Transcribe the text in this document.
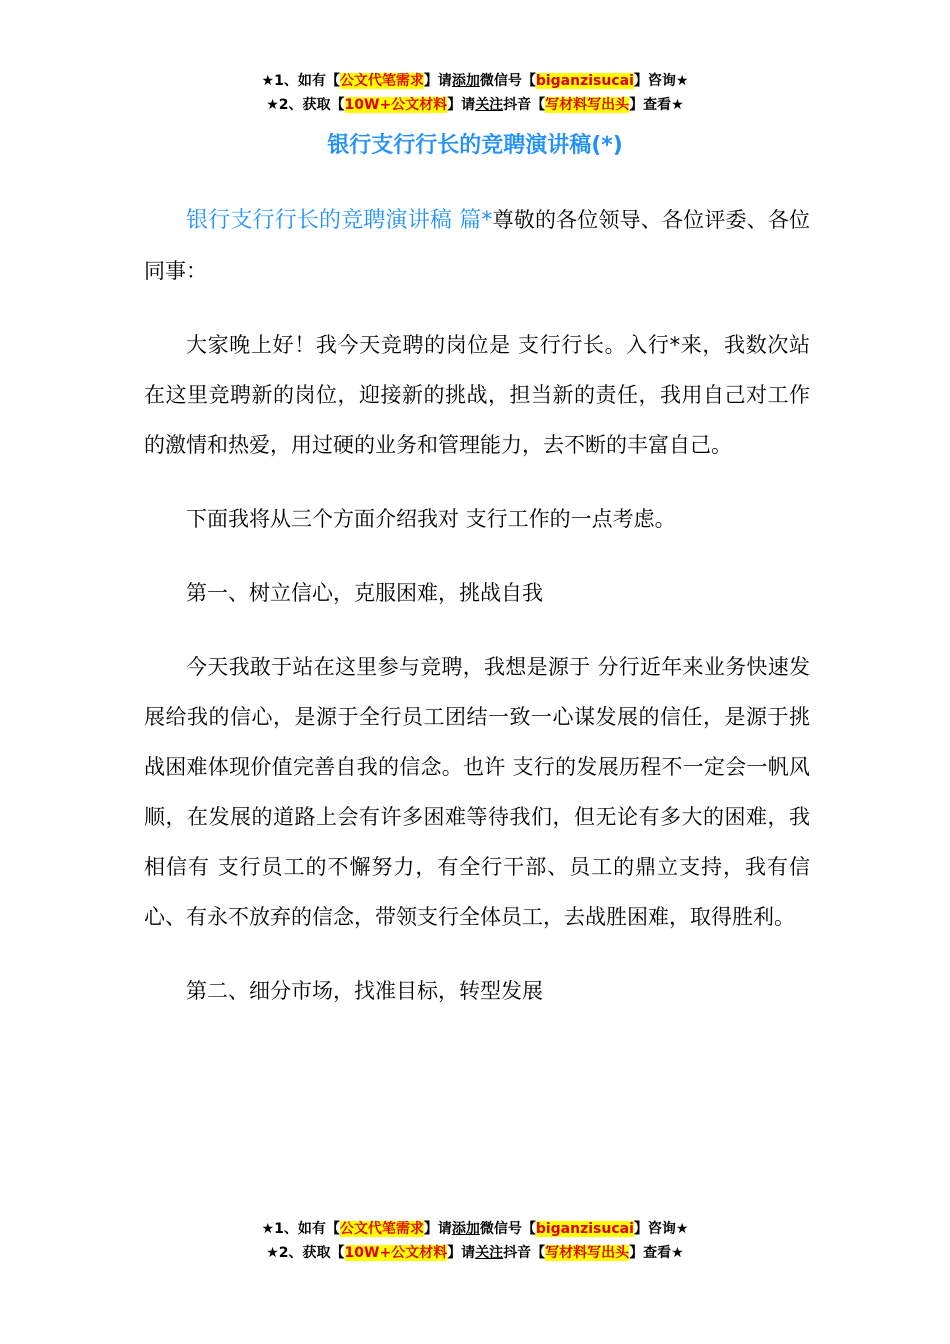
★1、如有【公文代笔需求】请添加微信号【biganzisucai】咨询★
★2、获取【10W+公文材料】请关注抖音【写材料写出头】查看★
银行支行行长的竞聘演讲稿(*)

银行支行行长的竞聘演讲稿 篇*尊敬的各位领导、各位评委、各位同事：

大家晚上好！我今天竞聘的岗位是 支行行长。入行*来，我数次站在这里竞聘新的岗位，迎接新的挑战，担当新的责任，我用自己对工作的激情和热爱，用过硬的业务和管理能力，去不断的丰富自己。

下面我将从三个方面介绍我对 支行工作的一点考虑。

第一、树立信心，克服困难，挑战自我

今天我敢于站在这里参与竞聘，我想是源于 分行近年来业务快速发展给我的信心，是源于全行员工团结一致一心谋发展的信任，是源于挑战困难体现价值完善自我的信念。也许 支行的发展历程不一定会一帆风顺，在发展的道路上会有许多困难等待我们，但无论有多大的困难，我相信有 支行员工的不懈努力，有全行干部、员工的鼎立支持，我有信心、有永不放弃的信念，带领支行全体员工，去战胜困难，取得胜利。

第二、细分市场，找准目标，转型发展

★1、如有【公文代笔需求】请添加微信号【biganzisucai】咨询★
★2、获取【10W+公文材料】请关注抖音【写材料写出头】查看★
